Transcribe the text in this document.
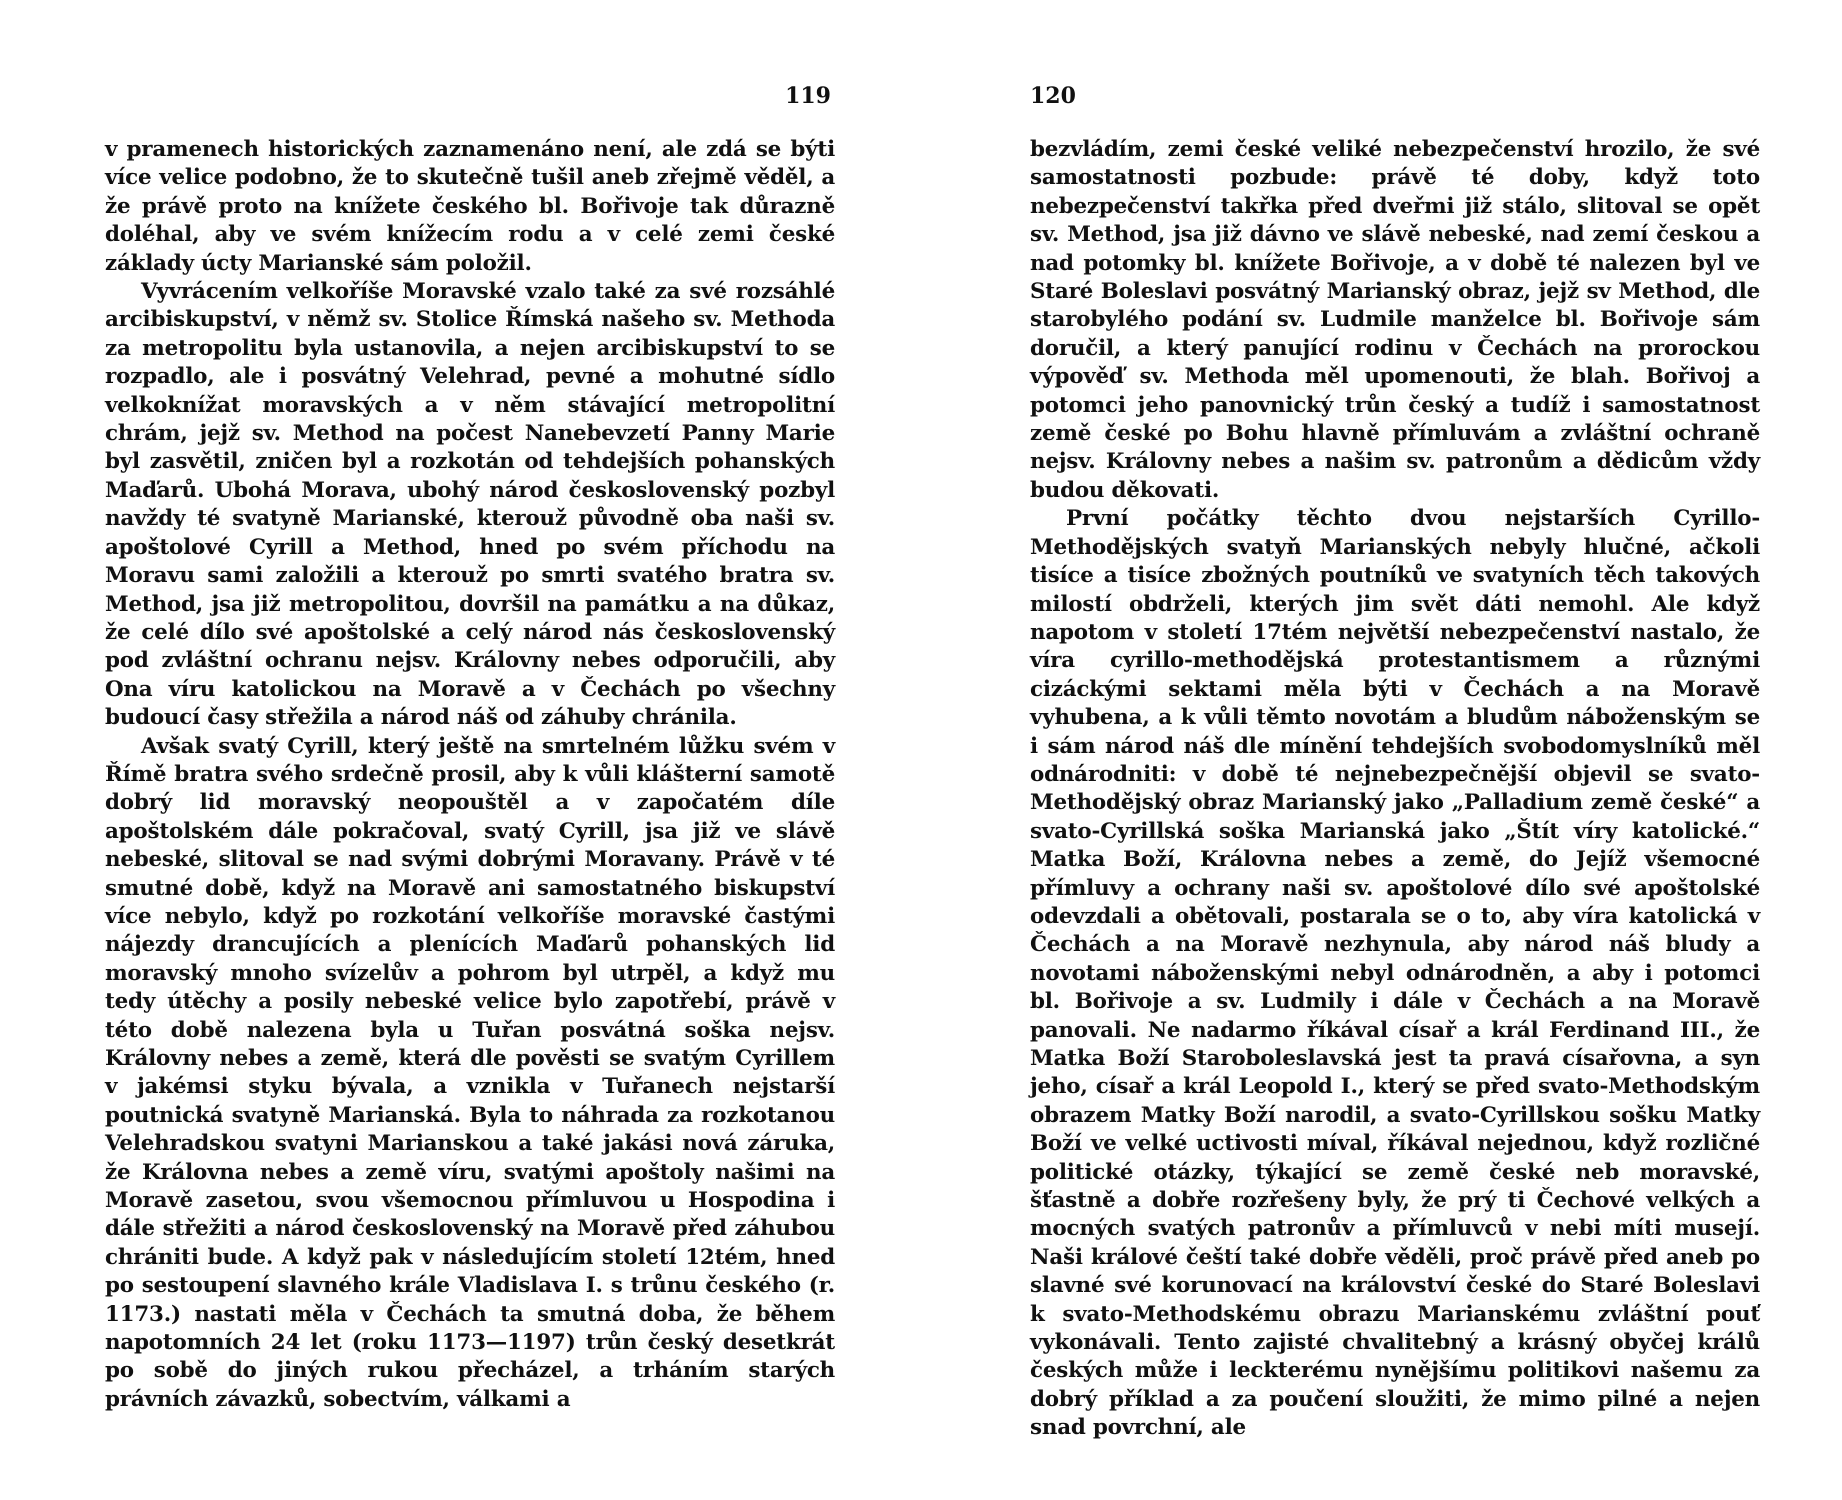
119

v pramenech historických zaznamenáno není, ale zdá se býti více velice podobno, že to skutečně tušil aneb zřejmě věděl, a že právě proto na knížete českého bl. Bořivoje tak důrazně doléhal, aby ve svém knížecím rodu a v celé zemi české základy úcty Marianské sám položil.

Vyvrácením velkoříše Moravské vzalo také za své rozsáhlé arcibiskupství, v němž sv. Stolice Římská našeho sv. Methoda za metropolitu byla ustanovila, a nejen arcibiskupství to se rozpadlo, ale i posvátný Velehrad, pevné a mohutné sídlo velkoknížat moravských a v něm stávající metropolitní chrám, jejž sv. Method na počest Nanebevzetí Panny Marie byl zasvětil, zničen byl a rozkotán od tehdejších pohanských Maďarů. Ubohá Morava, ubohý národ československý pozbyl navždy té svatyně Marianské, kterouž původně oba naši sv. apoštolové Cyrill a Method, hned po svém příchodu na Moravu sami založili a kterouž po smrti svatého bratra sv. Method, jsa již metropolitou, dovršil na památku a na důkaz, že celé dílo své apoštolské a celý národ nás československý pod zvláštní ochranu nejsv. Královny nebes odporučili, aby Ona víru katolickou na Moravě a v Čechách po všechny budoucí časy střežila a národ náš od záhuby chránila.

Avšak svatý Cyrill, který ještě na smrtelném lůžku svém v Římě bratra svého srdečně prosil, aby k vůli klášterní samotě dobrý lid moravský neopouštěl a v započatém díle apoštolském dále pokračoval, svatý Cyrill, jsa již ve slávě nebeské, slitoval se nad svými dobrými Moravany. Právě v té smutné době, když na Moravě ani samostatného biskupství více nebylo, když po rozkotání velkoříše moravské častými nájezdy drancujících a plenících Maďarů pohanských lid moravský mnoho svízelův a pohrom byl utrpěl, a když mu tedy útěchy a posily nebeské velice bylo zapotřebí, právě v této době nalezena byla u Tuřan posvátná soška nejsv. Královny nebes a země, která dle pověsti se svatým Cyrillem v jakémsi styku bývala, a vznikla v Tuřanech nejstarší poutnická svatyně Marianská. Byla to náhrada za rozkotanou Velehradskou svatyni Marianskou a také jakási nová záruka, že Královna nebes a země víru, svatými apoštoly našimi na Moravě zasetou, svou všemocnou přímluvou u Hospodina i dále střežiti a národ československý na Moravě před záhubou chrániti bude. A když pak v následujícím století 12tém, hned po sestoupení slavného krále Vladislava I. s trůnu českého (r. 1173.) nastati měla v Čechách ta smutná doba, že během napotomních 24 let (roku 1173—1197) trůn český desetkrát po sobě do jiných rukou přecházel, a trháním starých právních závazků, sobectvím, válkami a

120

bezvládím, zemi české veliké nebezpečenství hrozilo, že své samostatnosti pozbude: právě té doby, když toto nebezpečenství takřka před dveřmi již stálo, slitoval se opět sv. Method, jsa již dávno ve slávě nebeské, nad zemí českou a nad potomky bl. knížete Bořivoje, a v době té nalezen byl ve Staré Boleslavi posvátný Marianský obraz, jejž sv Method, dle starobylého podání sv. Ludmile manželce bl. Bořivoje sám doručil, a který panující rodinu v Čechách na prorockou výpověď sv. Methoda měl upomenouti, že blah. Bořivoj a potomci jeho panovnický trůn český a tudíž i samostatnost země české po Bohu hlavně přímluvám a zvláštní ochraně nejsv. Královny nebes a našim sv. patronům a dědicům vždy budou děkovati.

První počátky těchto dvou nejstarších Cyrillo-Methodějských svatyň Marianských nebyly hlučné, ačkoli tisíce a tisíce zbožných poutníků ve svatyních těch takových milostí obdrželi, kterých jim svět dáti nemohl. Ale když napotom v století 17tém největší nebezpečenství nastalo, že víra cyrillo-methodějská protestantismem a různými cizáckými sektami měla býti v Čechách a na Moravě vyhubena, a k vůli těmto novotám a bludům náboženským se i sám národ náš dle mínění tehdejších svobodomyslníků měl odnárodniti: v době té nejnebezpečnější objevil se svato-Methodějský obraz Marianský jako „Palladium země české“ a svato-Cyrillská soška Marianská jako „Štít víry katolické.“ Matka Boží, Královna nebes a země, do Jejíž všemocné přímluvy a ochrany naši sv. apoštolové dílo své apoštolské odevzdali a obětovali, postarala se o to, aby víra katolická v Čechách a na Moravě nezhynula, aby národ náš bludy a novotami náboženskými nebyl odnárodněn, a aby i potomci bl. Bořivoje a sv. Ludmily i dále v Čechách a na Moravě panovali. Ne nadarmo říkával císař a král Ferdinand III., že Matka Boží Staroboleslavská jest ta pravá císařovna, a syn jeho, císař a král Leopold I., který se před svato-Methodským obrazem Matky Boží narodil, a svato-Cyrillskou sošku Matky Boží ve velké uctivosti míval, říkával nejednou, když rozličné politické otázky, týkající se země české neb moravské, šťastně a dobře rozřešeny byly, že prý ti Čechové velkých a mocných svatých patronův a přímluvců v nebi míti musejí. Naši králové čeští také dobře věděli, proč právě před aneb po slavné své korunovací na království české do Staré Boleslavi k svato-Methodskému obrazu Marianskému zvláštní pouť vykonávali. Tento zajisté chvalitebný a krásný obyčej králů českých může i leckterému nynějšímu politikovi našemu za dobrý příklad a za poučení sloužiti, že mimo pilné a nejen snad povrchní, ale
